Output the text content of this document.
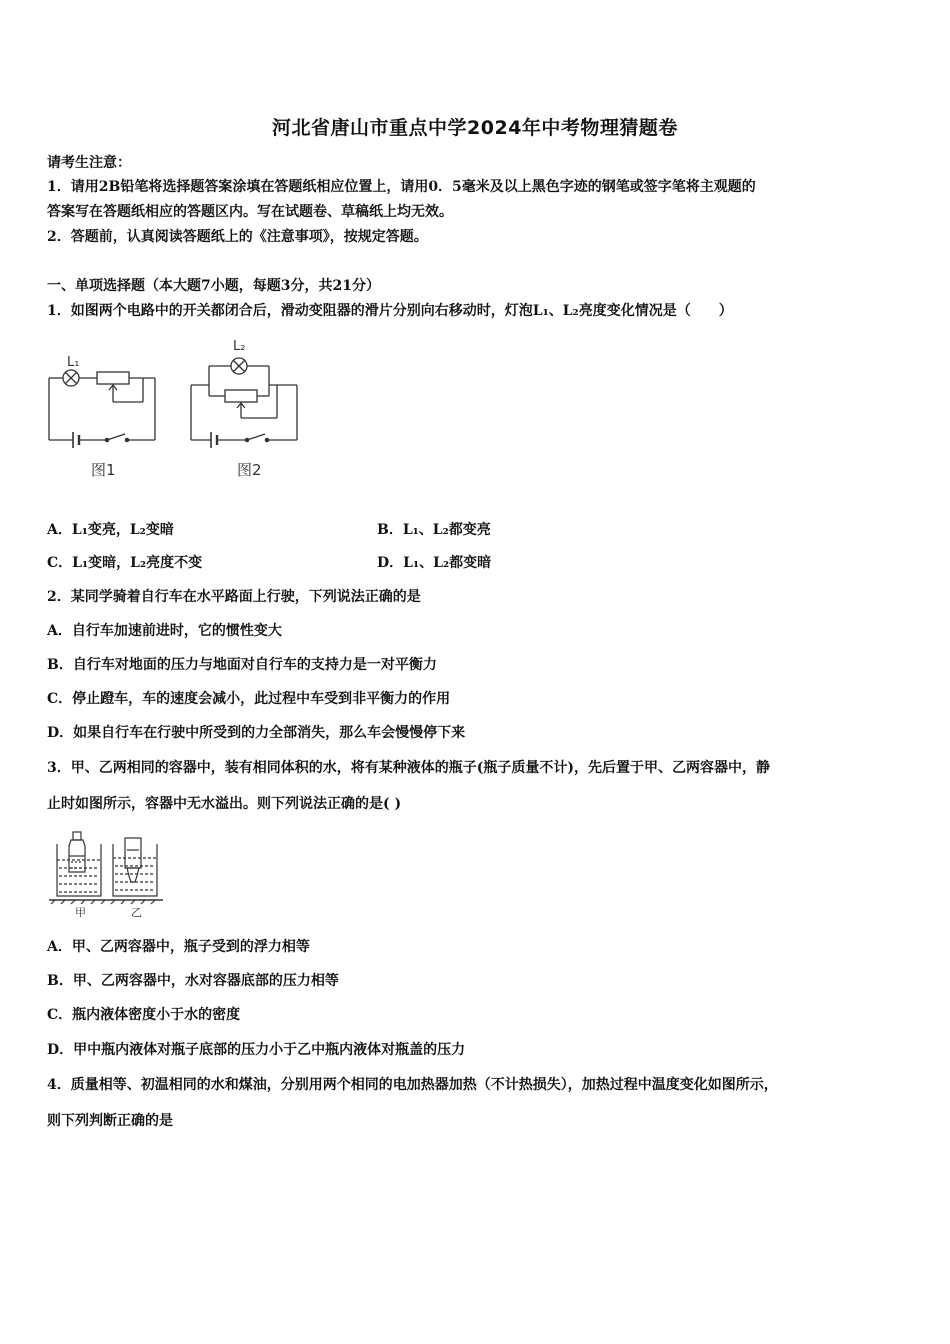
河北省唐山市重点中学2024年中考物理猜题卷
请考生注意：
1．请用2B铅笔将选择题答案涂填在答题纸相应位置上，请用0．5毫米及以上黑色字迹的钢笔或签字笔将主观题的
答案写在答题纸相应的答题区内。写在试题卷、草稿纸上均无效。
2．答题前，认真阅读答题纸上的《注意事项》，按规定答题。
一、单项选择题（本大题7小题，每题3分，共21分）
1．如图两个电路中的开关都闭合后，滑动变阻器的滑片分别向右移动时，灯泡L₁、L₂亮度变化情况是（　　）
L₁
图1
L₂
图2
A．L₁变亮，L₂变暗	B．L₁、L₂都变亮
C．L₁变暗，L₂亮度不变	D．L₁、L₂都变暗
2．某同学骑着自行车在水平路面上行驶，下列说法正确的是
A．自行车加速前进时，它的惯性变大
B．自行车对地面的压力与地面对自行车的支持力是一对平衡力
C．停止蹬车，车的速度会减小，此过程中车受到非平衡力的作用
D．如果自行车在行驶中所受到的力全部消失，那么车会慢慢停下来
3．甲、乙两相同的容器中，装有相同体积的水，将有某种液体的瓶子(瓶子质量不计)，先后置于甲、乙两容器中，静
止时如图所示，容器中无水溢出。则下列说法正确的是( )
甲	乙
A．甲、乙两容器中，瓶子受到的浮力相等
B．甲、乙两容器中，水对容器底部的压力相等
C．瓶内液体密度小于水的密度
D．甲中瓶内液体对瓶子底部的压力小于乙中瓶内液体对瓶盖的压力
4．质量相等、初温相同的水和煤油，分别用两个相同的电加热器加热（不计热损失），加热过程中温度变化如图所示，
则下列判断正确的是
